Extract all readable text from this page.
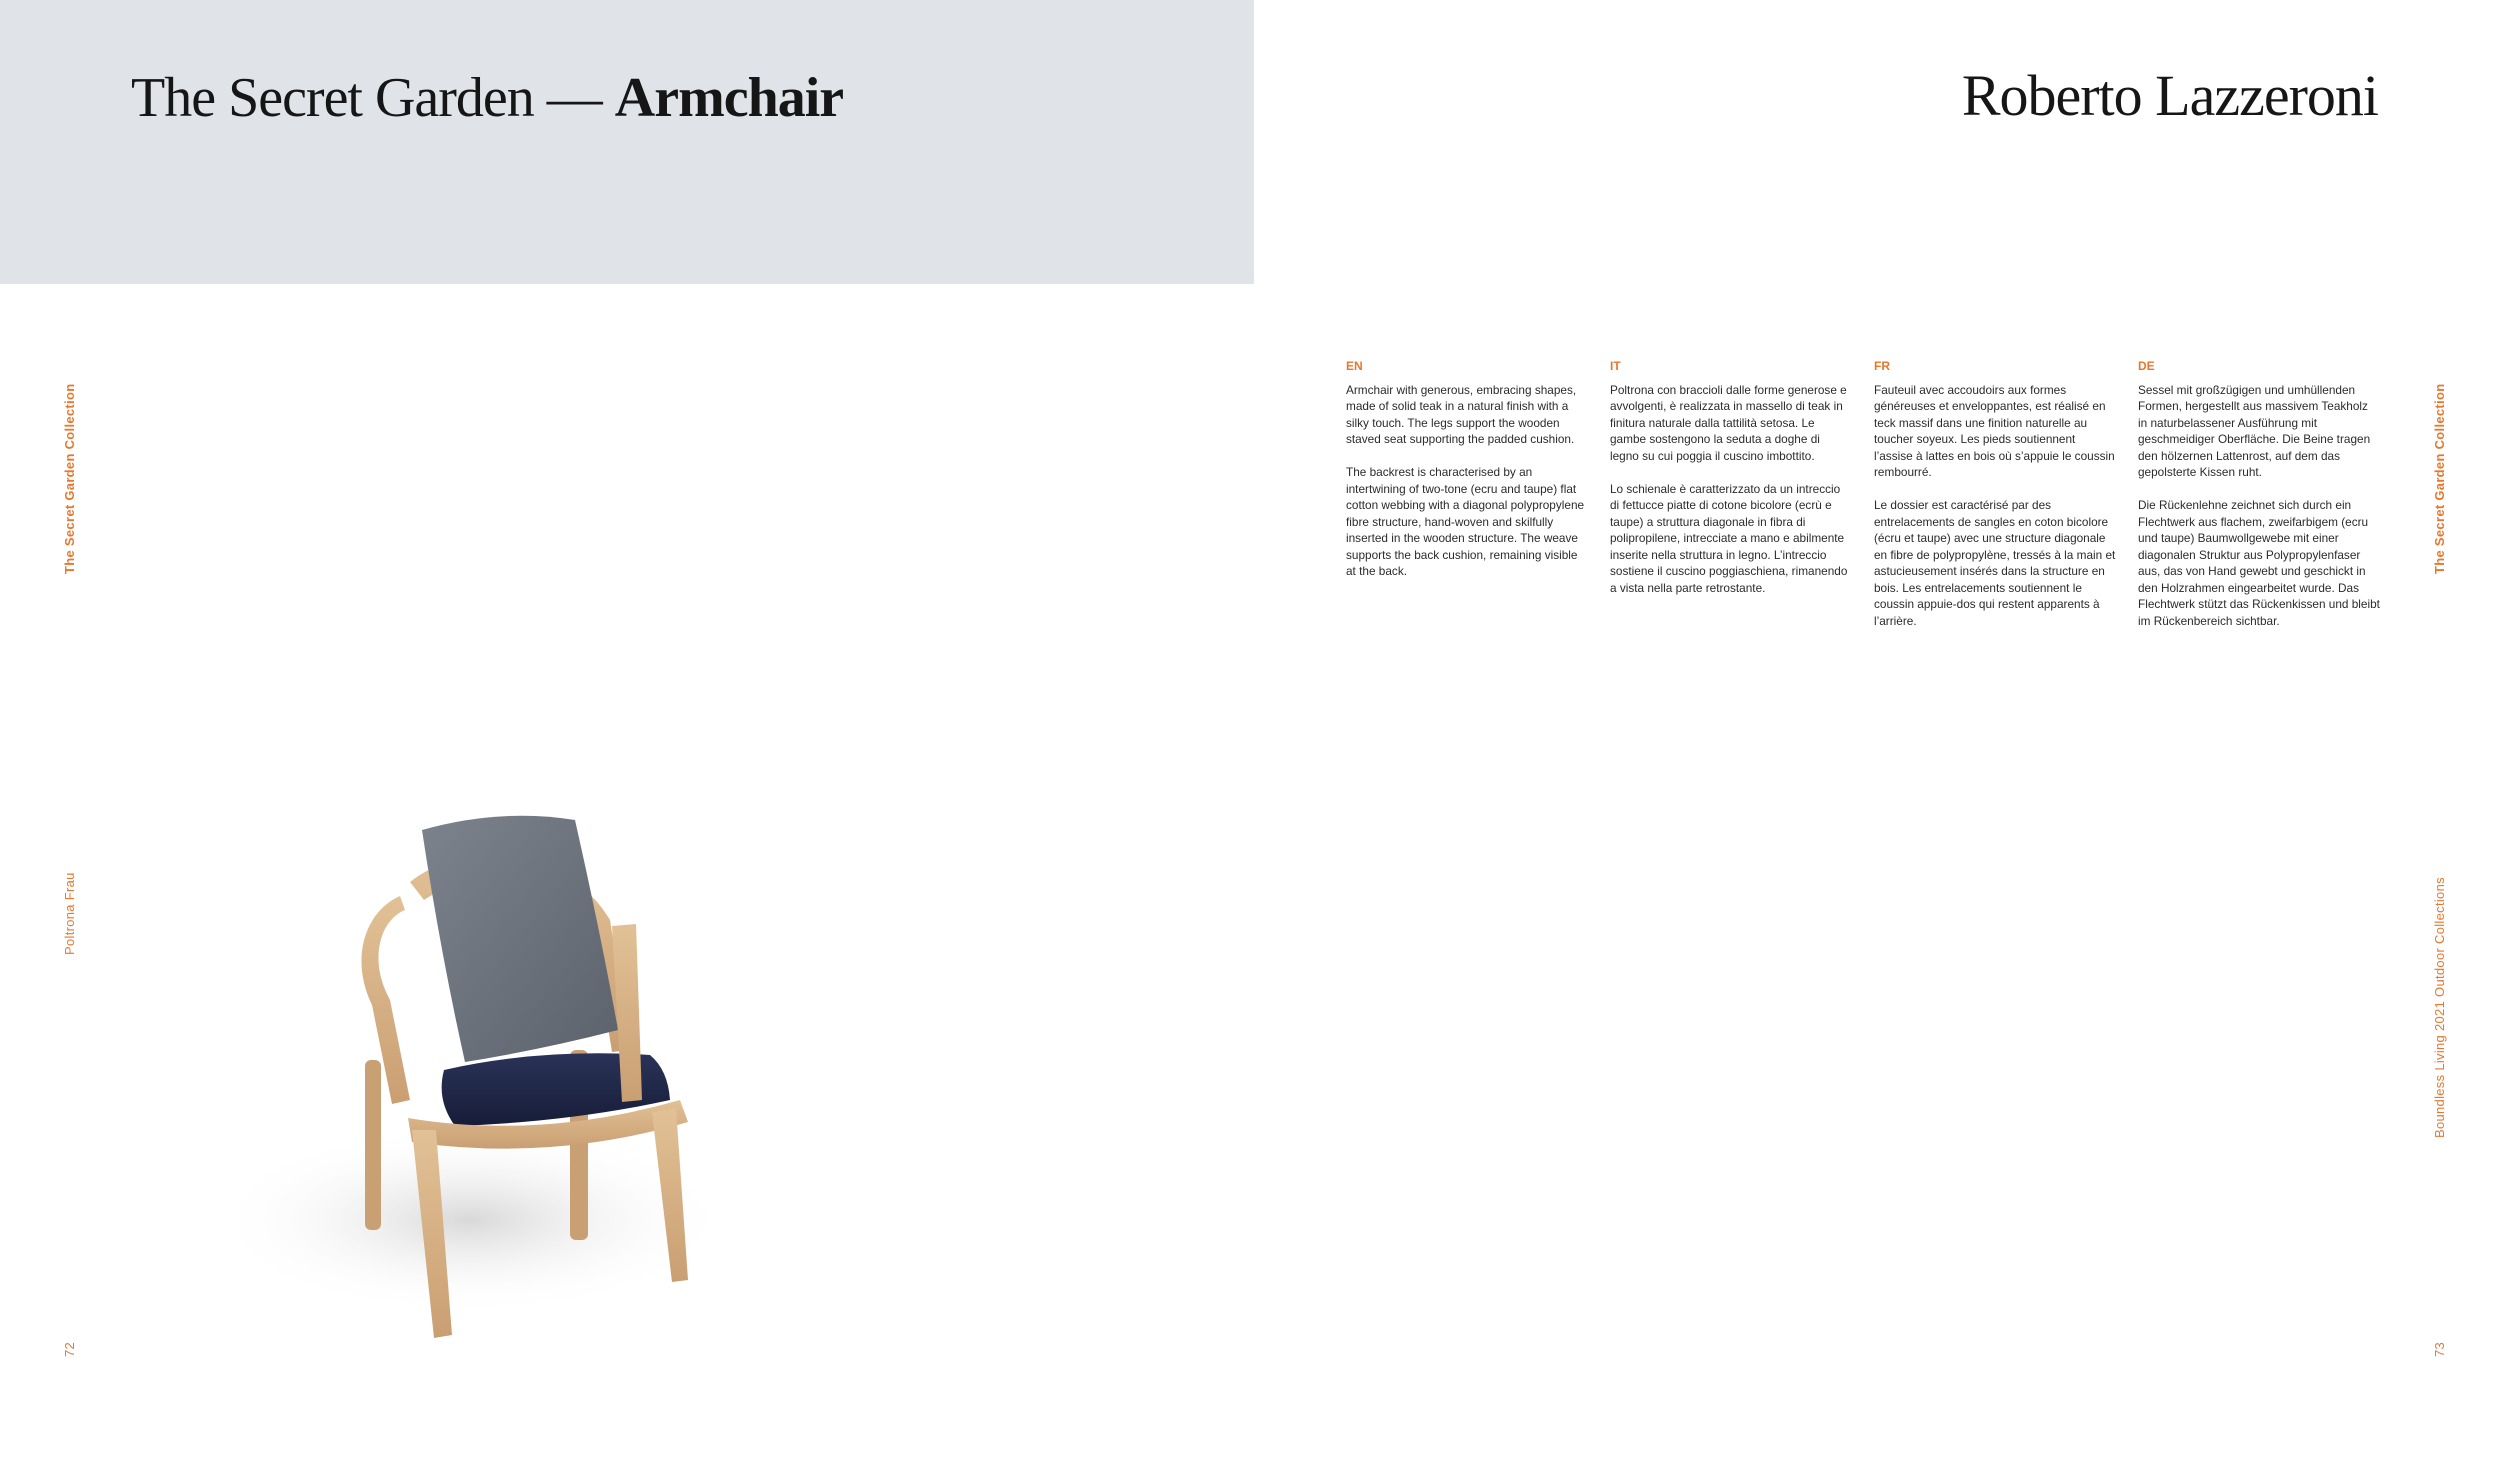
The Secret Garden — Armchair	Roberto Lazzeroni
The Secret Garden Collection
Poltrona Frau
72
The Secret Garden Collection
Boundless Living 2021 Outdoor Collections
73
EN

Armchair with generous, embracing shapes, made of solid teak in a natural finish with a silky touch. The legs support the wooden staved seat supporting the padded cushion.

The backrest is characterised by an intertwining of two-tone (ecru and taupe) flat cotton webbing with a diagonal polypropylene fibre structure, hand-woven and skilfully inserted in the wooden structure. The weave supports the back cushion, remaining visible at the back.

IT

Poltrona con braccioli dalle forme generose e avvolgenti, è realizzata in massello di teak in finitura naturale dalla tattilità setosa. Le gambe sostengono la seduta a doghe di legno su cui poggia il cuscino imbottito.

Lo schienale è caratterizzato da un intreccio di fettucce piatte di cotone bicolore (ecrù e taupe) a struttura diagonale in fibra di polipropilene, intrecciate a mano e abilmente inserite nella struttura in legno. L’intreccio sostiene il cuscino poggiaschiena, rimanendo a vista nella parte retrostante.

FR

Fauteuil avec accoudoirs aux formes généreuses et enveloppantes, est réalisé en teck massif dans une finition naturelle au toucher soyeux. Les pieds soutiennent l’assise à lattes en bois où s’appuie le coussin rembourré.

Le dossier est caractérisé par des entrelacements de sangles en coton bicolore (écru et taupe) avec une structure diagonale en fibre de polypropylène, tressés à la main et astucieusement insérés dans la structure en bois. Les entrelacements soutiennent le coussin appuie-dos qui restent apparents à l’arrière.

DE

Sessel mit großzügigen und umhüllenden Formen, hergestellt aus massivem Teakholz in naturbelassener Ausführung mit geschmeidiger Oberfläche. Die Beine tragen den hölzernen Lattenrost, auf dem das gepolsterte Kissen ruht.

Die Rückenlehne zeichnet sich durch ein Flechtwerk aus flachem, zweifarbigem (ecru und taupe) Baumwollgewebe mit einer diagonalen Struktur aus Polypropylenfaser aus, das von Hand gewebt und geschickt in den Holzrahmen eingearbeitet wurde. Das Flechtwerk stützt das Rückenkissen und bleibt im Rückenbereich sichtbar.
